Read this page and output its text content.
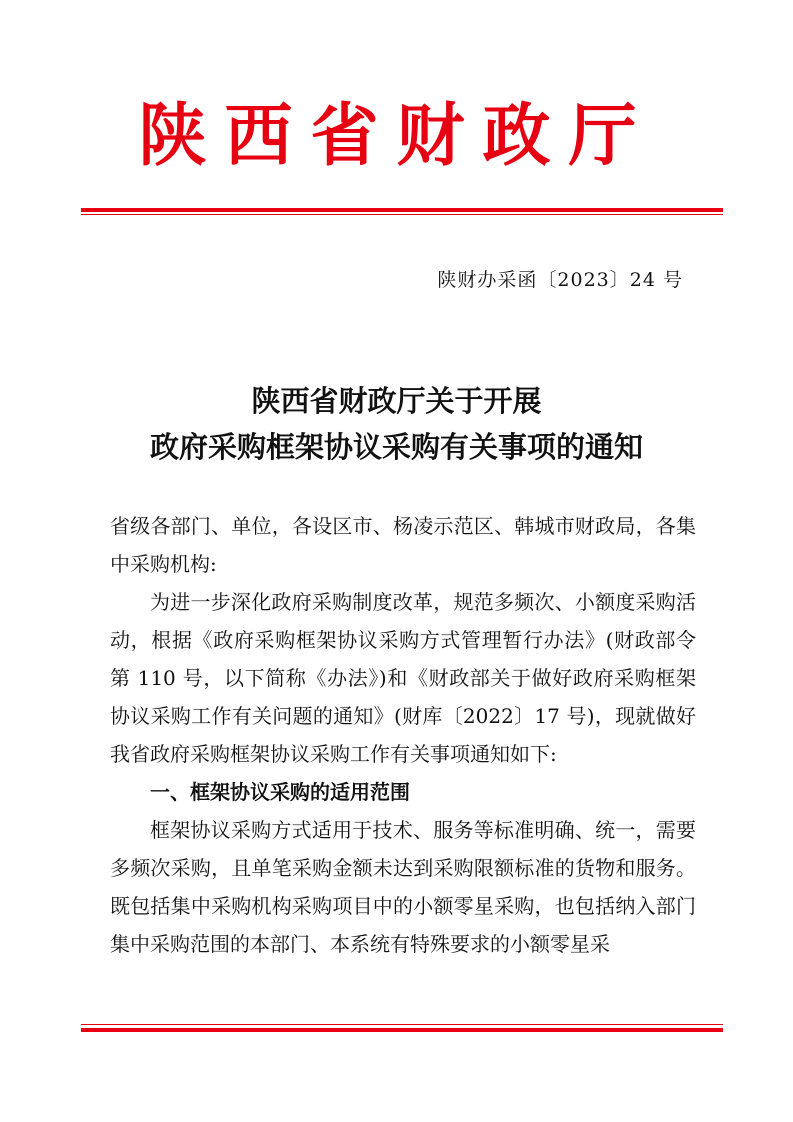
陕西省财政厅
陕财办采函〔2023〕24 号
陕西省财政厅关于开展
政府采购框架协议采购有关事项的通知

省级各部门、单位，各设区市、杨凌示范区、韩城市财政局，各集中采购机构:

为进一步深化政府采购制度改革，规范多频次、小额度采购活动，根据《政府采购框架协议采购方式管理暂行办法》(财政部令第 110 号，以下简称《办法》)和《财政部关于做好政府采购框架协议采购工作有关问题的通知》(财库〔2022〕17 号)，现就做好我省政府采购框架协议采购工作有关事项通知如下:

一、框架协议采购的适用范围

框架协议采购方式适用于技术、服务等标准明确、统一，需要多频次采购，且单笔采购金额未达到采购限额标准的货物和服务。既包括集中采购机构采购项目中的小额零星采购，也包括纳入部门集中采购范围的本部门、本系统有特殊要求的小额零星采
